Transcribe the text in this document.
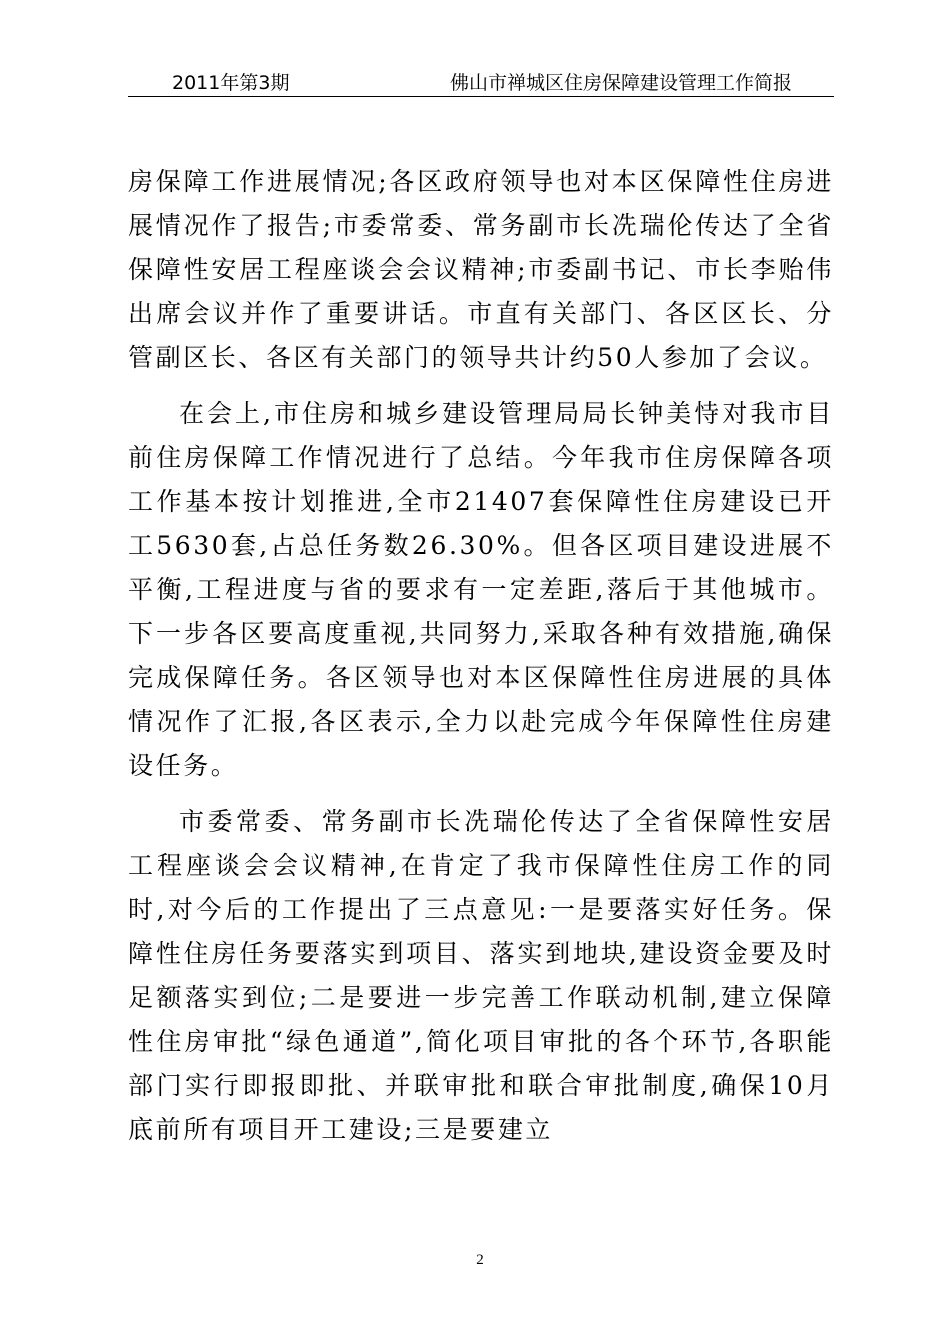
2011年第3期	佛山市禅城区住房保障建设管理工作简报

房保障工作进展情况;各区政府领导也对本区保障性住房进展情况作了报告;市委常委、常务副市长冼瑞伦传达了全省保障性安居工程座谈会会议精神;市委副书记、市长李贻伟出席会议并作了重要讲话。市直有关部门、各区区长、分管副区长、各区有关部门的领导共计约50人参加了会议。

在会上,市住房和城乡建设管理局局长钟美恃对我市目前住房保障工作情况进行了总结。今年我市住房保障各项工作基本按计划推进,全市21407套保障性住房建设已开工5630套,占总任务数26.30%。但各区项目建设进展不平衡,工程进度与省的要求有一定差距,落后于其他城市。下一步各区要高度重视,共同努力,采取各种有效措施,确保完成保障任务。各区领导也对本区保障性住房进展的具体情况作了汇报,各区表示,全力以赴完成今年保障性住房建设任务。

市委常委、常务副市长冼瑞伦传达了全省保障性安居工程座谈会会议精神,在肯定了我市保障性住房工作的同时,对今后的工作提出了三点意见:一是要落实好任务。保障性住房任务要落实到项目、落实到地块,建设资金要及时足额落实到位;二是要进一步完善工作联动机制,建立保障性住房审批“绿色通道”,简化项目审批的各个环节,各职能部门实行即报即批、并联审批和联合审批制度,确保10月底前所有项目开工建设;三是要建立

2
